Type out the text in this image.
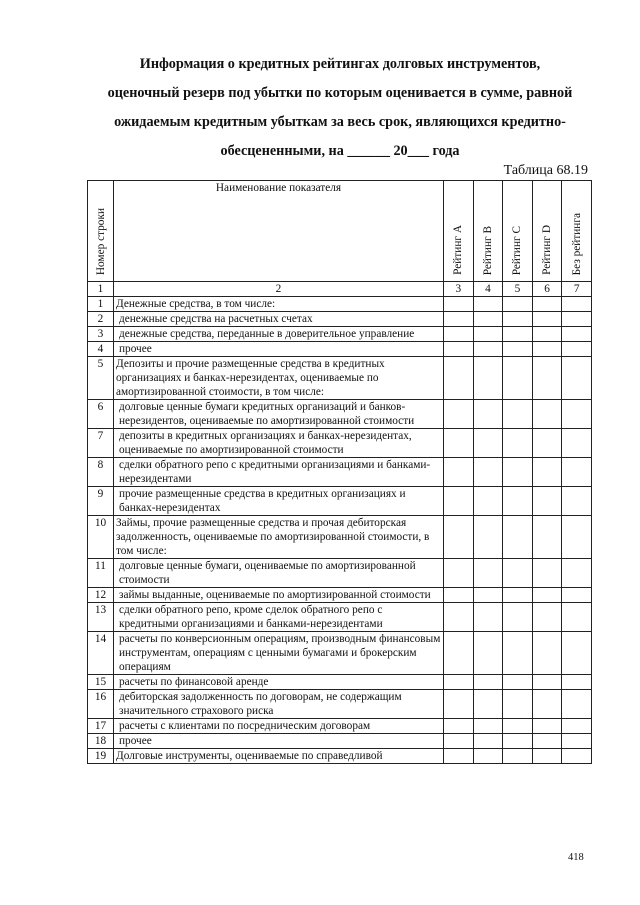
Информация о кредитных рейтингах долговых инструментов,
оценочный резерв под убытки по которым оценивается в сумме, равной
ожидаемым кредитным убыткам за весь срок, являющихся кредитно-
обесцененными, на ______ 20___ года
Таблица 68.19
Номер строки	Наименование показателя	Рейтинг A	Рейтинг B	Рейтинг C	Рейтинг D	Без рейтинга

1	2	3	4	5	6	7
1	Денежные средства, в том числе:					
2	денежные средства на расчетных счетах					
3	денежные средства, переданные в доверительное управление					
4	прочее					
5	Депозиты и прочие размещенные средства в кредитных организациях и банках-нерезидентах, оцениваемые по амортизированной стоимости, в том числе:					
6	долговые ценные бумаги кредитных организаций и банков-нерезидентов, оцениваемые по амортизированной стоимости					
7	депозиты в кредитных организациях и банках-нерезидентах, оцениваемые по амортизированной стоимости					
8	сделки обратного репо с кредитными организациями и банками-нерезидентами					
9	прочие размещенные средства в кредитных организациях и банках-нерезидентах					
10	Займы, прочие размещенные средства и прочая дебиторская задолженность, оцениваемые по амортизированной стоимости, в том числе:					
11	долговые ценные бумаги, оцениваемые по амортизированной стоимости					
12	займы выданные, оцениваемые по амортизированной стоимости					
13	сделки обратного репо, кроме сделок обратного репо с кредитными организациями и банками-нерезидентами					
14	расчеты по конверсионным операциям, производным финансовым инструментам, операциям с ценными бумагами и брокерским операциям					
15	расчеты по финансовой аренде					
16	дебиторская задолженность по договорам, не содержащим значительного страхового риска					
17	расчеты с клиентами по посредническим договорам					
18	прочее					
19	Долговые инструменты, оцениваемые по справедливой					
418
